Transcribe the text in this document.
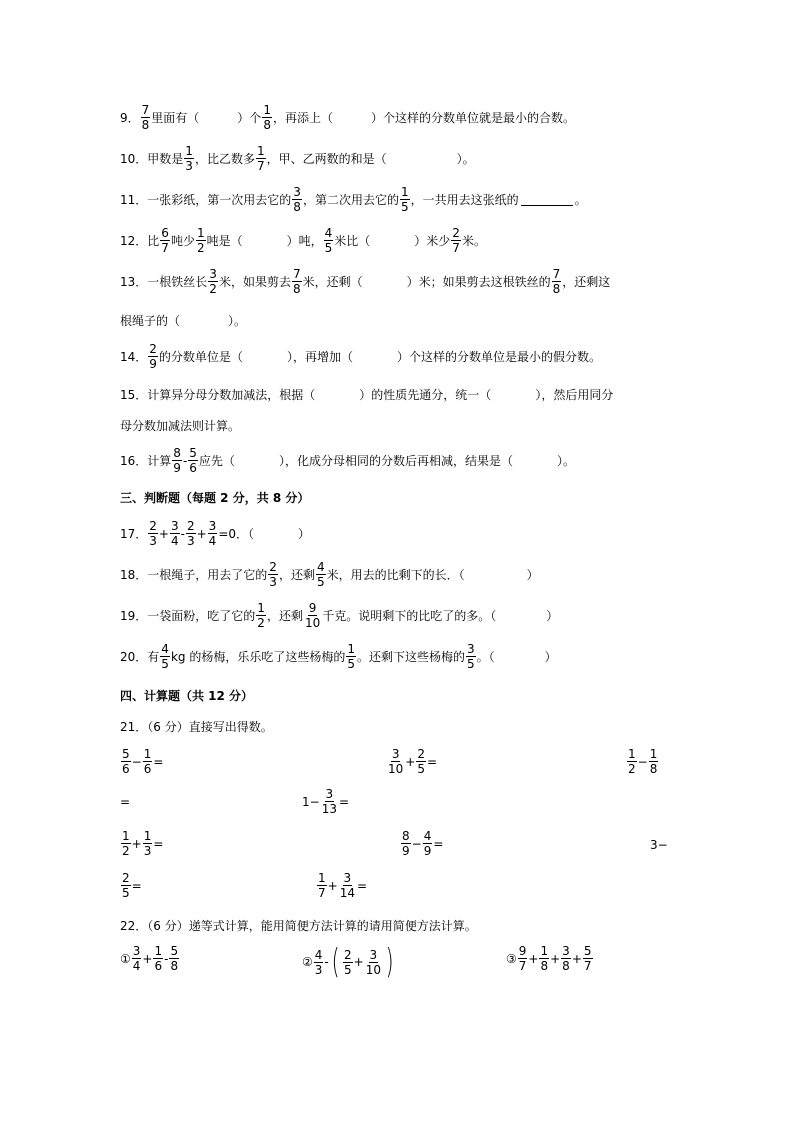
9． $\frac{7}{8}$ 里面有（	）个 $\frac{1}{8}$ ，再添上（	）个这样的分数单位就是最小的合数。
10． 甲数是 $\frac{1}{3}$ ，比乙数多 $\frac{1}{7}$ ，甲、乙两数的和是（	）。
11． 一张彩纸，第一次用去它的 $\frac{3}{8}$ ，第二次用去它的 $\frac{1}{5}$ ，一共用去这张纸的	。
12． 比 $\frac{6}{7}$ 吨少 $\frac{1}{2}$ 吨是（	）吨， $\frac{4}{5}$ 米比（	）米少 $\frac{2}{7}$ 米。
13． 一根铁丝长 $\frac{3}{2}$ 米，如果剪去 $\frac{7}{8}$ 米，还剩（	）米；如果剪去这根铁丝的 $\frac{7}{8}$ ，还剩这
根绳子的（	）。
14． $\frac{2}{9}$ 的分数单位是（	），再增加（	）个这样的分数单位是最小的假分数。
15． 计算异分母分数加减法，根据（	）的性质先通分，统一（	），然后用同分
母分数加减法则计算。
16． 计算 $\frac{8}{9} - \frac{5}{6}$ 应先（	），化成分母相同的分数后再相减，结果是（	）。
三、判断题（每题 2 分，共 8 分）
17． $\frac{2}{3} + \frac{3}{4} - \frac{2}{3} + \frac{3}{4} =0$．（	）
18． 一根绳子，用去了它的 $\frac{2}{3}$ ，还剩 $\frac{4}{5}$ 米，用去的比剩下的长．（	）
19． 一袋面粉，吃了它的 $\frac{1}{2}$ ，还剩 $\frac{9}{10}$ 千克。说明剩下的比吃了的多。（	）
20． 有 $\frac{4}{5}$ kg 的杨梅，乐乐吃了这些杨梅的 $\frac{1}{5}$ 。还剩下这些杨梅的 $\frac{3}{5}$ 。（	）
四、计算题（共 12 分）
21．（6 分）直接写出得数。
$\frac{5}{6} - \frac{1}{6}$ =	$\frac{3}{10} + \frac{2}{5}$ =	$\frac{1}{2} - \frac{1}{8}$
=	$1- \frac{3}{13}$ =
$\frac{1}{2} + \frac{1}{3}$ =	$\frac{8}{9} - \frac{4}{9}$ =	3−
$\frac{2}{5}$ =	$\frac{1}{7} + \frac{3}{14}$ =
22．（6 分）递等式计算，能用简便方法计算的请用简便方法计算。
① $\frac{3}{4} + \frac{1}{6} - \frac{5}{8}$	② $\frac{4}{3}$ - ( $\frac{2}{5} + \frac{3}{10}$ )	③ $\frac{9}{7} + \frac{1}{8} + \frac{3}{8} + \frac{5}{7}$
